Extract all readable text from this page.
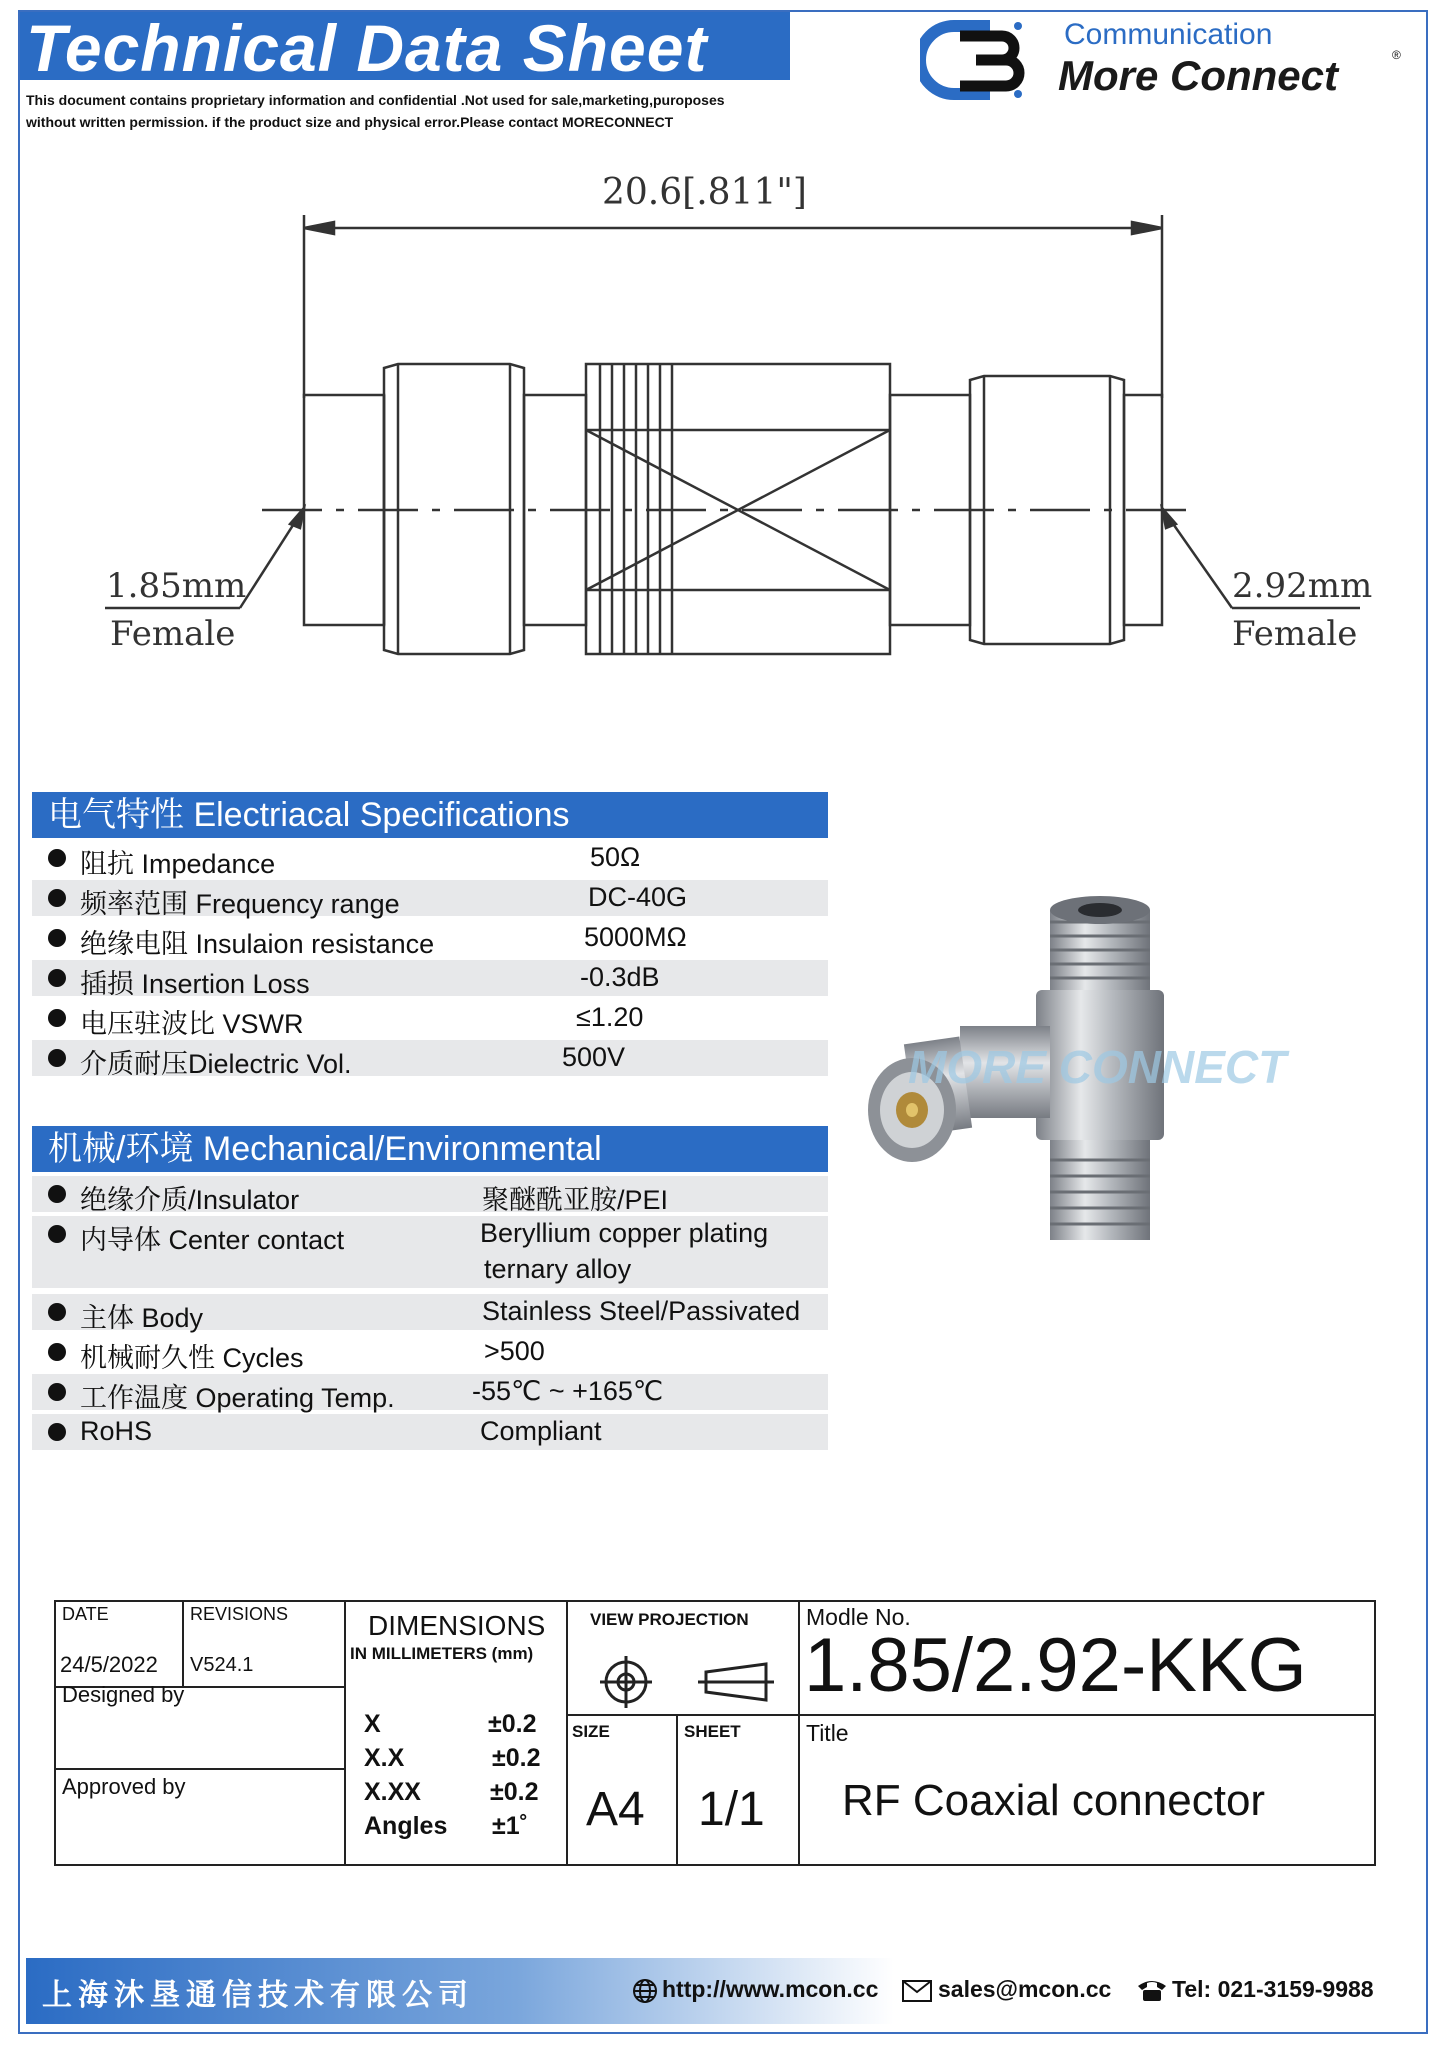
Technical Data Sheet
This document contains proprietary information and confidential .Not used for sale,marketing,puroposes
without written permission. if the product size and physical error.Please contact MORECONNECT
Communication
More Connect	®
20.6[.811"]
1.85mm
Female
2.92mm
Female
电气特性 Electriacal Specifications
阻抗 Impedance	50Ω
频率范围 Frequency range	DC-40G
绝缘电阻 Insulaion resistance	5000MΩ
插损 Insertion Loss	-0.3dB
电压驻波比 VSWR	≤1.20
介质耐压Dielectric Vol.	500V
机械/环境 Mechanical/Environmental
绝缘介质/Insulator	聚醚酰亚胺/PEI
内导体 Center contact	Beryllium copper plating
ternary alloy
主体 Body	Stainless Steel/Passivated
机械耐久性 Cycles	>500
工作温度 Operating Temp.	-55℃ ~ +165℃
RoHS	Compliant
MORE CONNECT
DATE	REVISIONS
24/5/2022 V524.1
Designed by
Approved by
DIMENSIONS
IN MILLIMETERS (mm)
X	±0.2
X.X	±0.2
X.XX	±0.2
Angles ±1˚
VIEW PROJECTION
SIZE
A4
SHEET
1/1
Modle No.
1.85/2.92-KKG
Title
RF Coaxial connector
上海沐垦通信技术有限公司	http://www.mcon.cc	sales@mcon.cc	Tel: 021-3159-9988
